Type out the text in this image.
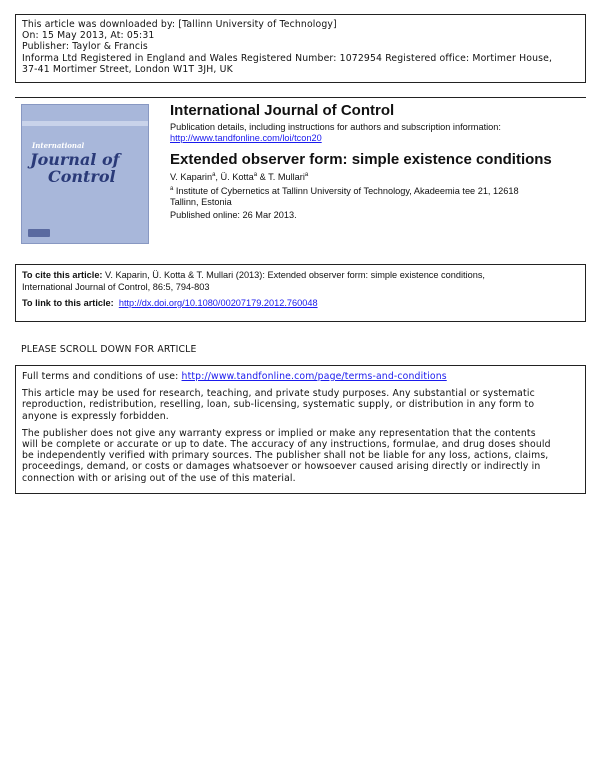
This article was downloaded by: [Tallinn University of Technology]
On: 15 May 2013, At: 05:31
Publisher: Taylor & Francis
Informa Ltd Registered in England and Wales Registered Number: 1072954 Registered office: Mortimer House,
37-41 Mortimer Street, London W1T 3JH, UK
International
Journal of
Control
International Journal of Control
Publication details, including instructions for authors and subscription information:
http://www.tandfonline.com/loi/tcon20
Extended observer form: simple existence conditions
V. Kaparin$^a$, Ü. Kotta$^a$ & T. Mullari$^a$
$^a$ Institute of Cybernetics at Tallinn University of Technology, Akadeemia tee 21, 12618
Tallinn, Estonia
Published online: 26 Mar 2013.
To cite this article: V. Kaparin, Ü. Kotta & T. Mullari (2013): Extended observer form: simple existence conditions,
International Journal of Control, 86:5, 794-803
To link to this article: http://dx.doi.org/10.1080/00207179.2012.760048
PLEASE SCROLL DOWN FOR ARTICLE

Full terms and conditions of use: http://www.tandfonline.com/page/terms-and-conditions

This article may be used for research, teaching, and private study purposes. Any substantial or systematic
reproduction, redistribution, reselling, loan, sub-licensing, systematic supply, or distribution in any form to
anyone is expressly forbidden.

The publisher does not give any warranty express or implied or make any representation that the contents
will be complete or accurate or up to date. The accuracy of any instructions, formulae, and drug doses should
be independently verified with primary sources. The publisher shall not be liable for any loss, actions, claims,
proceedings, demand, or costs or damages whatsoever or howsoever caused arising directly or indirectly in
connection with or arising out of the use of this material.
